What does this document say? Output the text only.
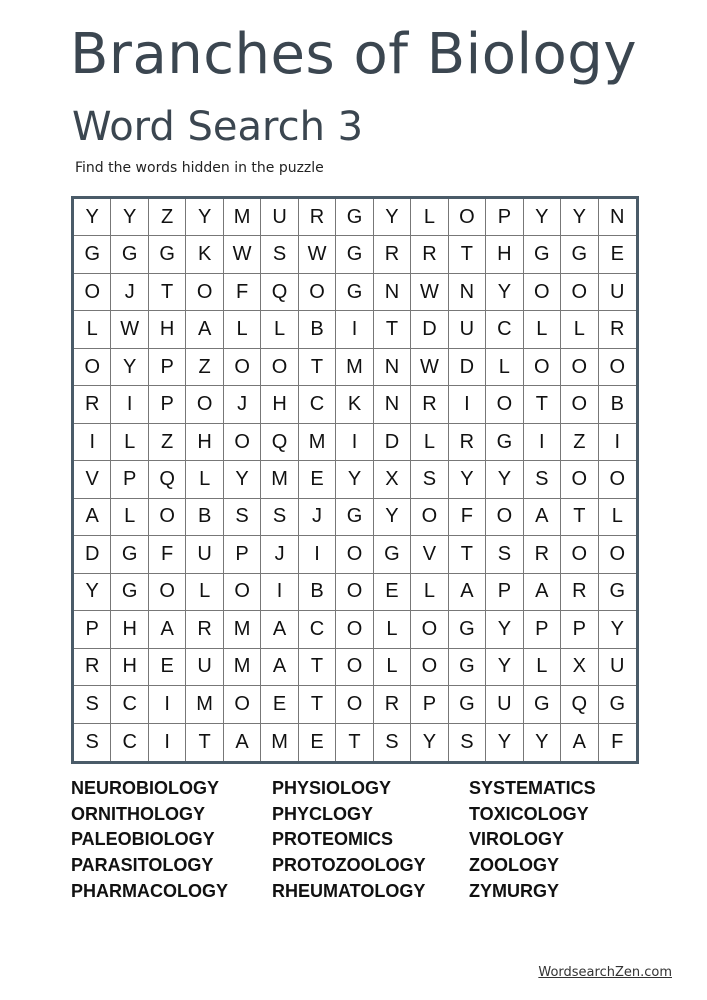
Branches of Biology
Word Search 3
Find the words hidden in the puzzle
Y	Y	Z	Y	M	U	R	G	Y	L	O	P	Y	Y	N
G	G	G	K	W	S	W	G	R	R	T	H	G	G	E
O	J	T	O	F	Q	O	G	N	W	N	Y	O	O	U
L	W	H	A	L	L	B	I	T	D	U	C	L	L	R
O	Y	P	Z	O	O	T	M	N	W	D	L	O	O	O
R	I	P	O	J	H	C	K	N	R	I	O	T	O	B
I	L	Z	H	O	Q	M	I	D	L	R	G	I	Z	I
V	P	Q	L	Y	M	E	Y	X	S	Y	Y	S	O	O
A	L	O	B	S	S	J	G	Y	O	F	O	A	T	L
D	G	F	U	P	J	I	O	G	V	T	S	R	O	O
Y	G	O	L	O	I	B	O	E	L	A	P	A	R	G
P	H	A	R	M	A	C	O	L	O	G	Y	P	P	Y
R	H	E	U	M	A	T	O	L	O	G	Y	L	X	U
S	C	I	M	O	E	T	O	R	P	G	U	G	Q	G
S	C	I	T	A	M	E	T	S	Y	S	Y	Y	A	F
NEUROBIOLOGY
ORNITHOLOGY
PALEOBIOLOGY
PARASITOLOGY
PHARMACOLOGY
PHYSIOLOGY
PHYCLOGY
PROTEOMICS
PROTOZOOLOGY
RHEUMATOLOGY
SYSTEMATICS
TOXICOLOGY
VIROLOGY
ZOOLOGY
ZYMURGY
WordsearchZen.com
